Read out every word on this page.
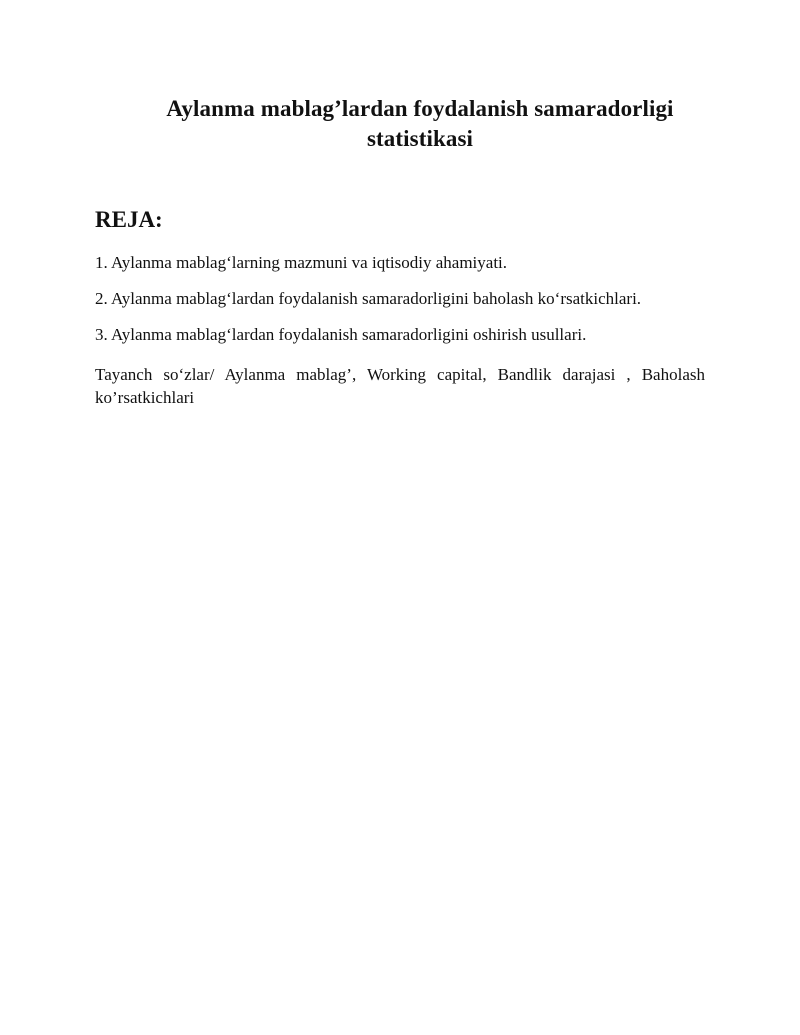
Aylanma mablag’lardan foydalanish samaradorligi
statistikasi
REJA:
1. Aylanma mablag‘larning mazmuni va iqtisodiy ahamiyati.
2. Aylanma mablag‘lardan foydalanish samaradorligini baholash ko‘rsatkichlari.
3. Aylanma mablag‘lardan foydalanish samaradorligini oshirish usullari.

Tayanch so‘zlar/ Aylanma mablag’, Working capital, Bandlik darajasi , Baholash
ko’rsatkichlari
